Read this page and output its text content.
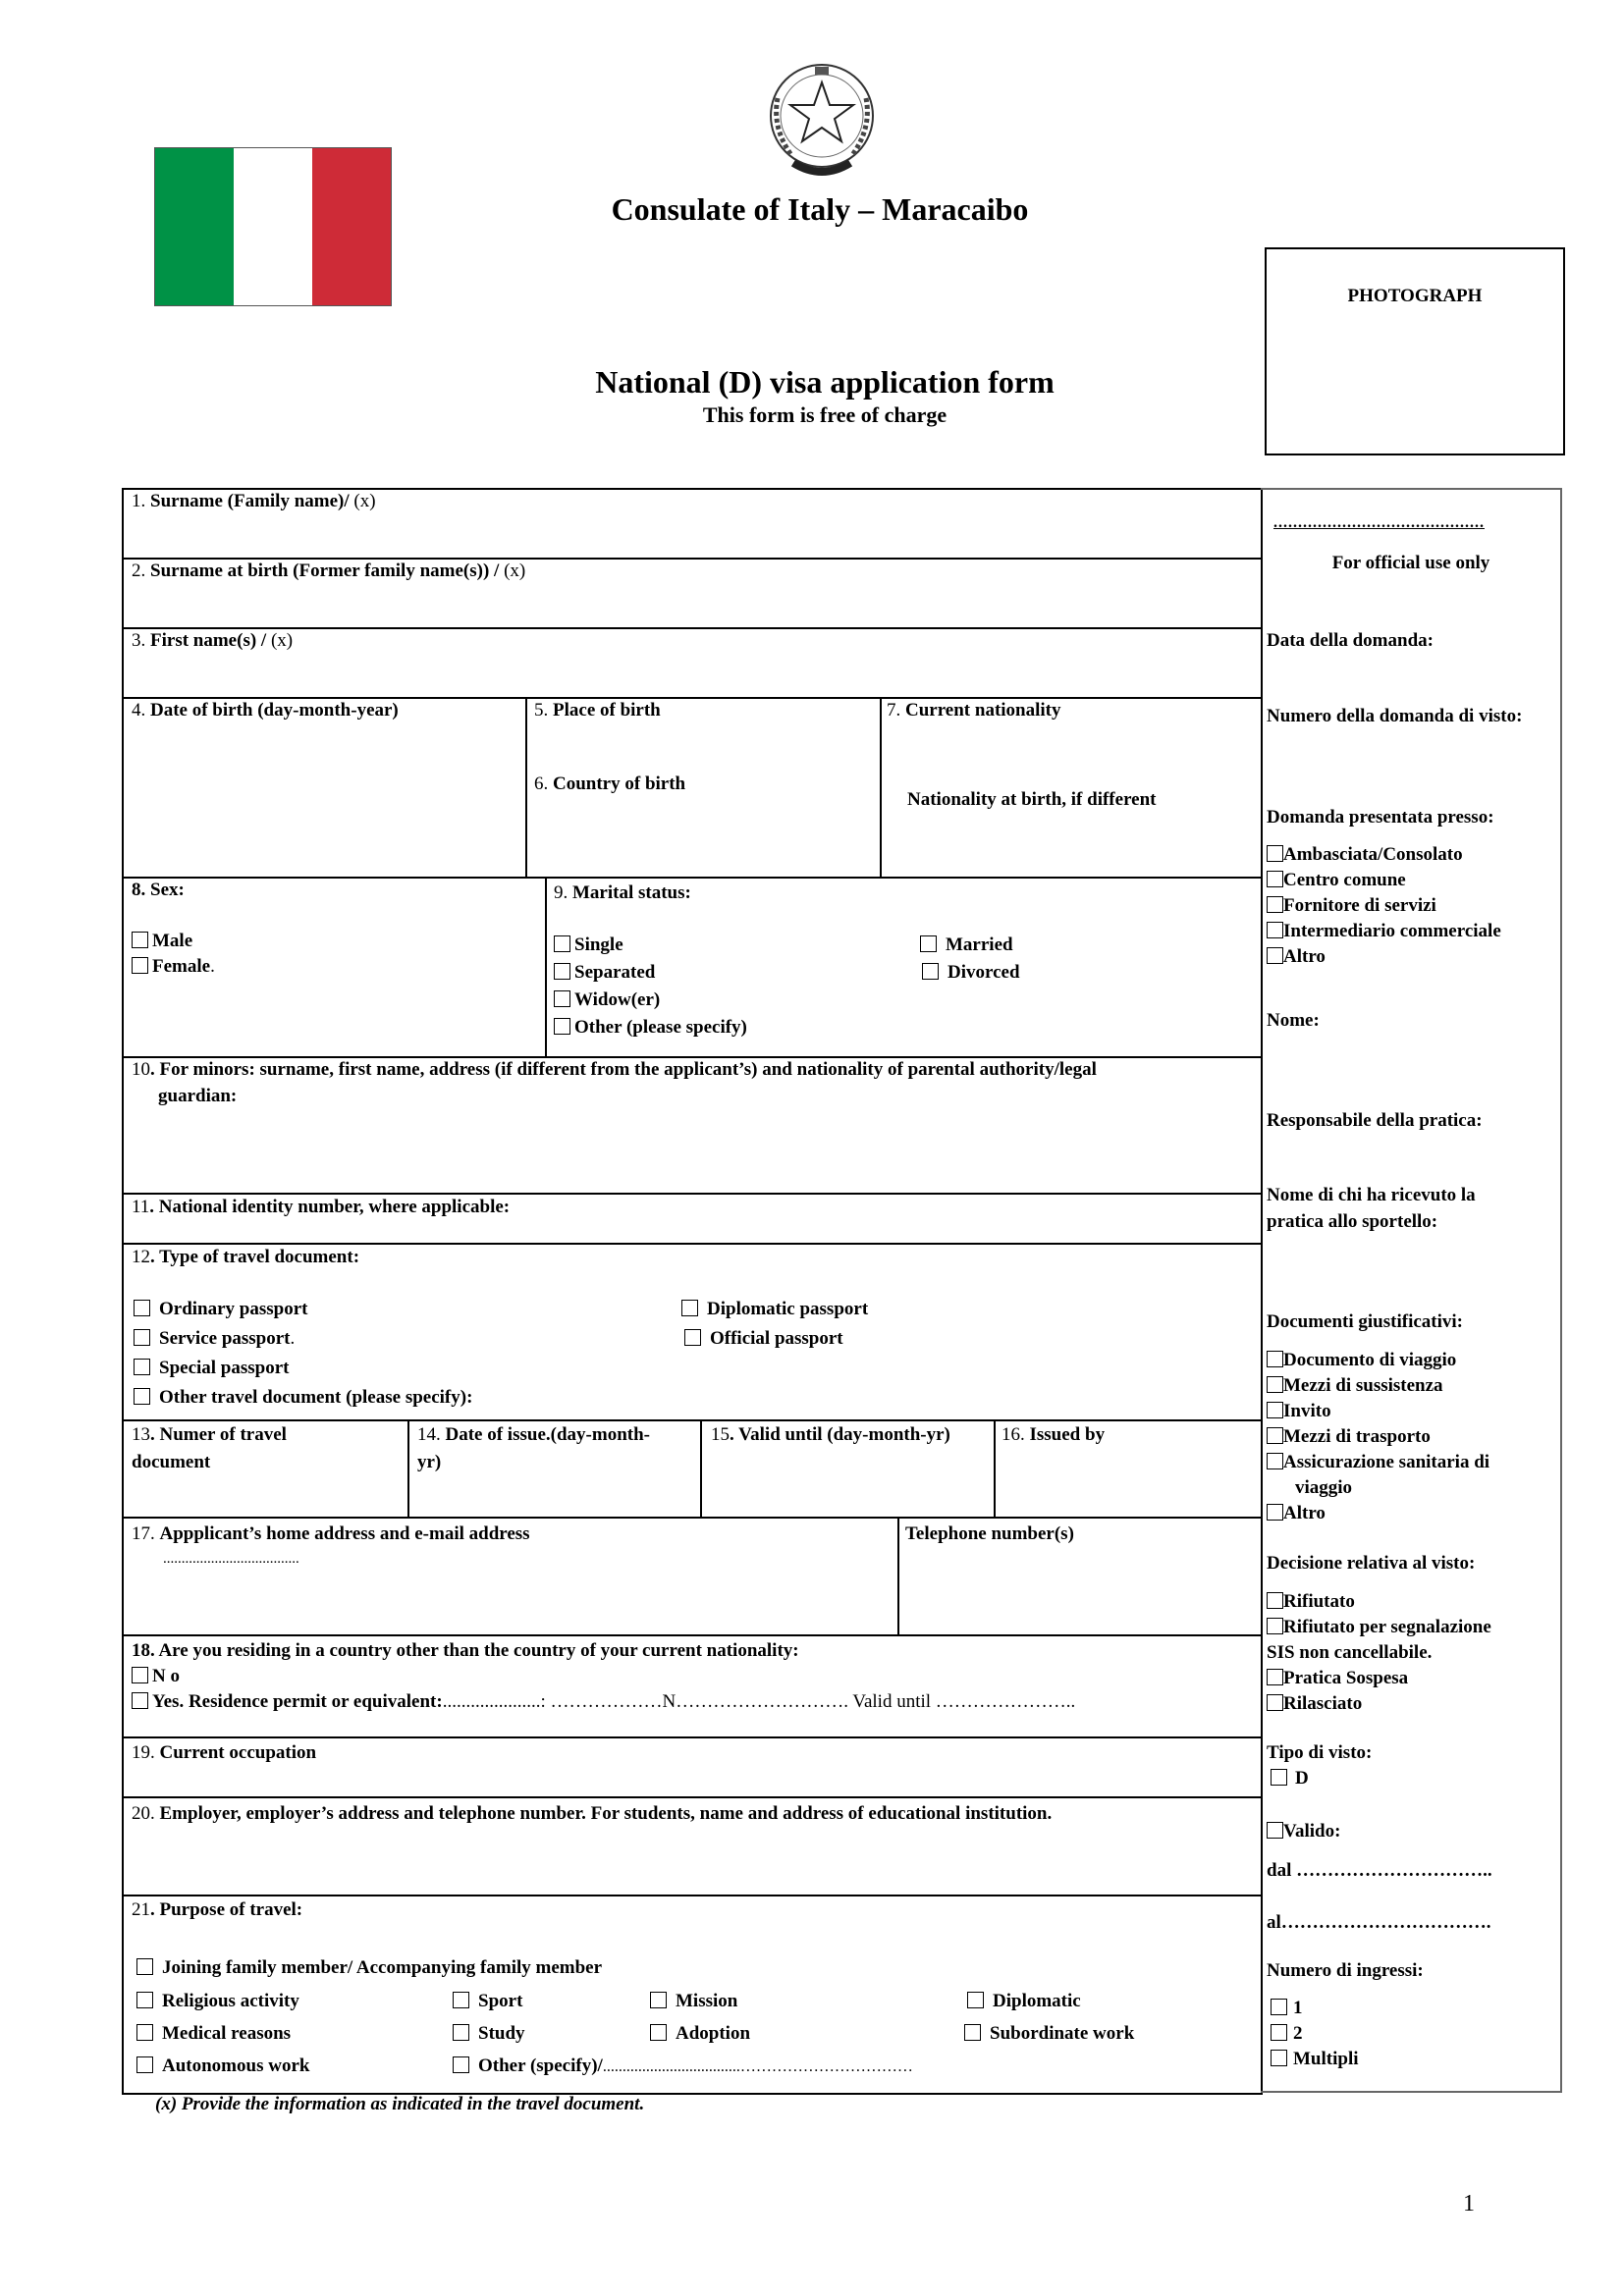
Consulate of Italy – Maracaibo
National (D) visa application form
This form is free of charge
PHOTOGRAPH
1. Surname (Family name)/ (x)
2. Surname at birth (Former family name(s)) / (x)
3. First name(s) / (x)
4. Date of birth (day-month-year)	5. Place of birth
6. Country of birth
7. Current nationality
Nationality at birth, if different
8. Sex:
Male
Female.
9. Marital status:
Single
Separated
Widow(er)
Other (please specify)
Married
Divorced
10. For minors: surname, first name, address (if different from the applicant’s) and nationality of parental authority/legal
guardian:
11. National identity number, where applicable:
12. Type of travel document:
Ordinary passport
Service passport.
Special passport
Other travel document (please specify):
Diplomatic passport
Official passport
13. Numer of travel
document
14. Date of issue.(day-month-
yr)
15. Valid until (day-month-yr)	16. Issued by
17. Appplicant’s home address and e-mail address
.....................................
Telephone number(s)
18. Are you residing in a country other than the country of your current nationality:
N o
Yes. Residence permit or equivalent:.....................: ………………N………………………. Valid until …………………..
19. Current occupation
20. Employer, employer’s address and telephone number. For students, name and address of educational institution.
21. Purpose of travel:
Joining family member/ Accompanying family member
Religious activity
Medical reasons
Autonomous work
Sport
Study
Other (specify)/...................................……………………………
Mission
Adoption
Diplomatic
Subordinate work
(x) Provide the information as indicated in the travel document.
...........................................
For official use only
Data della domanda:
Numero della domanda di visto:
Domanda presentata presso:
Ambasciata/Consolato
Centro comune
Fornitore di servizi
Intermediario commerciale
Altro
Nome:
Responsabile della pratica:
Nome di chi ha ricevuto la pratica allo sportello:
Documenti giustificativi:
Documento di viaggio
Mezzi di sussistenza
Invito
Mezzi di trasporto
Assicurazione sanitaria di
viaggio
Altro
Decisione relativa al visto:
Rifiutato
Rifiutato per segnalazione
SIS non cancellabile.
Pratica Sospesa
Rilasciato
Tipo di visto:
D
Valido:
dal …………………………..
al…………………………….
Numero di ingressi:
1
2
Multipli
1
